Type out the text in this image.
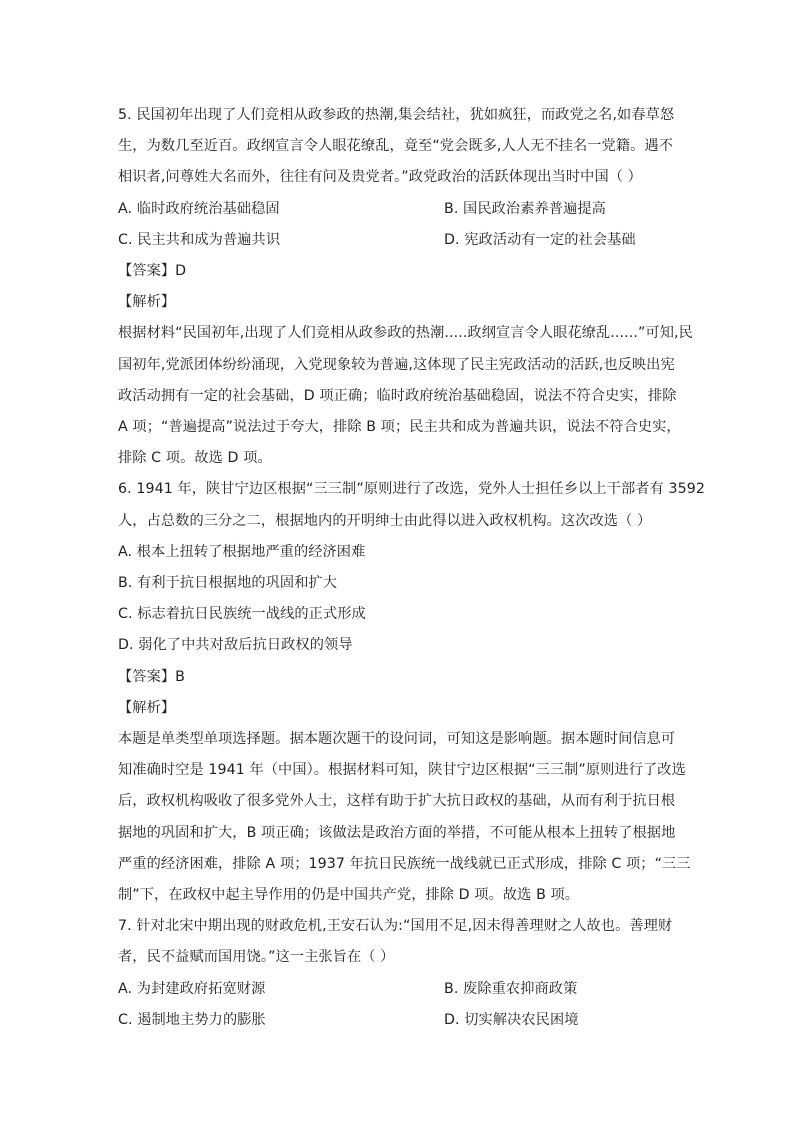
5. 民国初年出现了人们竞相从政参政的热潮,集会结社，犹如疯狂，而政党之名,如春草怒
生，为数几至近百。政纲宣言令人眼花缭乱，竟至“党会既多,人人无不挂名一党籍。遇不
相识者,问尊姓大名而外，往往有问及贵党者。”政党政治的活跃体现出当时中国（ ）
A. 临时政府统治基础稳固	B. 国民政治素养普遍提高
C. 民主共和成为普遍共识	D. 宪政活动有一定的社会基础
【答案】D
【解析】
根据材料“民国初年,出现了人们竞相从政参政的热潮.....政纲宣言令人眼花缭乱......”可知,民
国初年,党派团体纷纷涌现，入党现象较为普遍,这体现了民主宪政活动的活跃,也反映出宪
政活动拥有一定的社会基础，D 项正确；临时政府统治基础稳固，说法不符合史实，排除
A 项；“普遍提高”说法过于夸大，排除 B 项；民主共和成为普遍共识，说法不符合史实，
排除 C 项。故选 D 项。
6. 1941 年，陕甘宁边区根据“三三制”原则进行了改选，党外人士担任乡以上干部者有 3592
人，占总数的三分之二，根据地内的开明绅士由此得以进入政权机构。这次改选（ ）
A. 根本上扭转了根据地严重的经济困难
B. 有利于抗日根据地的巩固和扩大
C. 标志着抗日民族统一战线的正式形成
D. 弱化了中共对敌后抗日政权的领导
【答案】B
【解析】
本题是单类型单项选择题。据本题次题干的设问词，可知这是影响题。据本题时间信息可
知准确时空是 1941 年（中国）。根据材料可知，陕甘宁边区根据“三三制”原则进行了改选
后，政权机构吸收了很多党外人士，这样有助于扩大抗日政权的基础，从而有利于抗日根
据地的巩固和扩大，B 项正确；该做法是政治方面的举措，不可能从根本上扭转了根据地
严重的经济困难，排除 A 项；1937 年抗日民族统一战线就已正式形成，排除 C 项；“三三
制”下，在政权中起主导作用的仍是中国共产党，排除 D 项。故选 B 项。
7. 针对北宋中期出现的财政危机,王安石认为:“国用不足,因未得善理财之人故也。善理财
者，民不益赋而国用饶。”这一主张旨在（ ）
A. 为封建政府拓宽财源	B. 废除重农抑商政策
C. 遏制地主势力的膨胀	D. 切实解决农民困境
